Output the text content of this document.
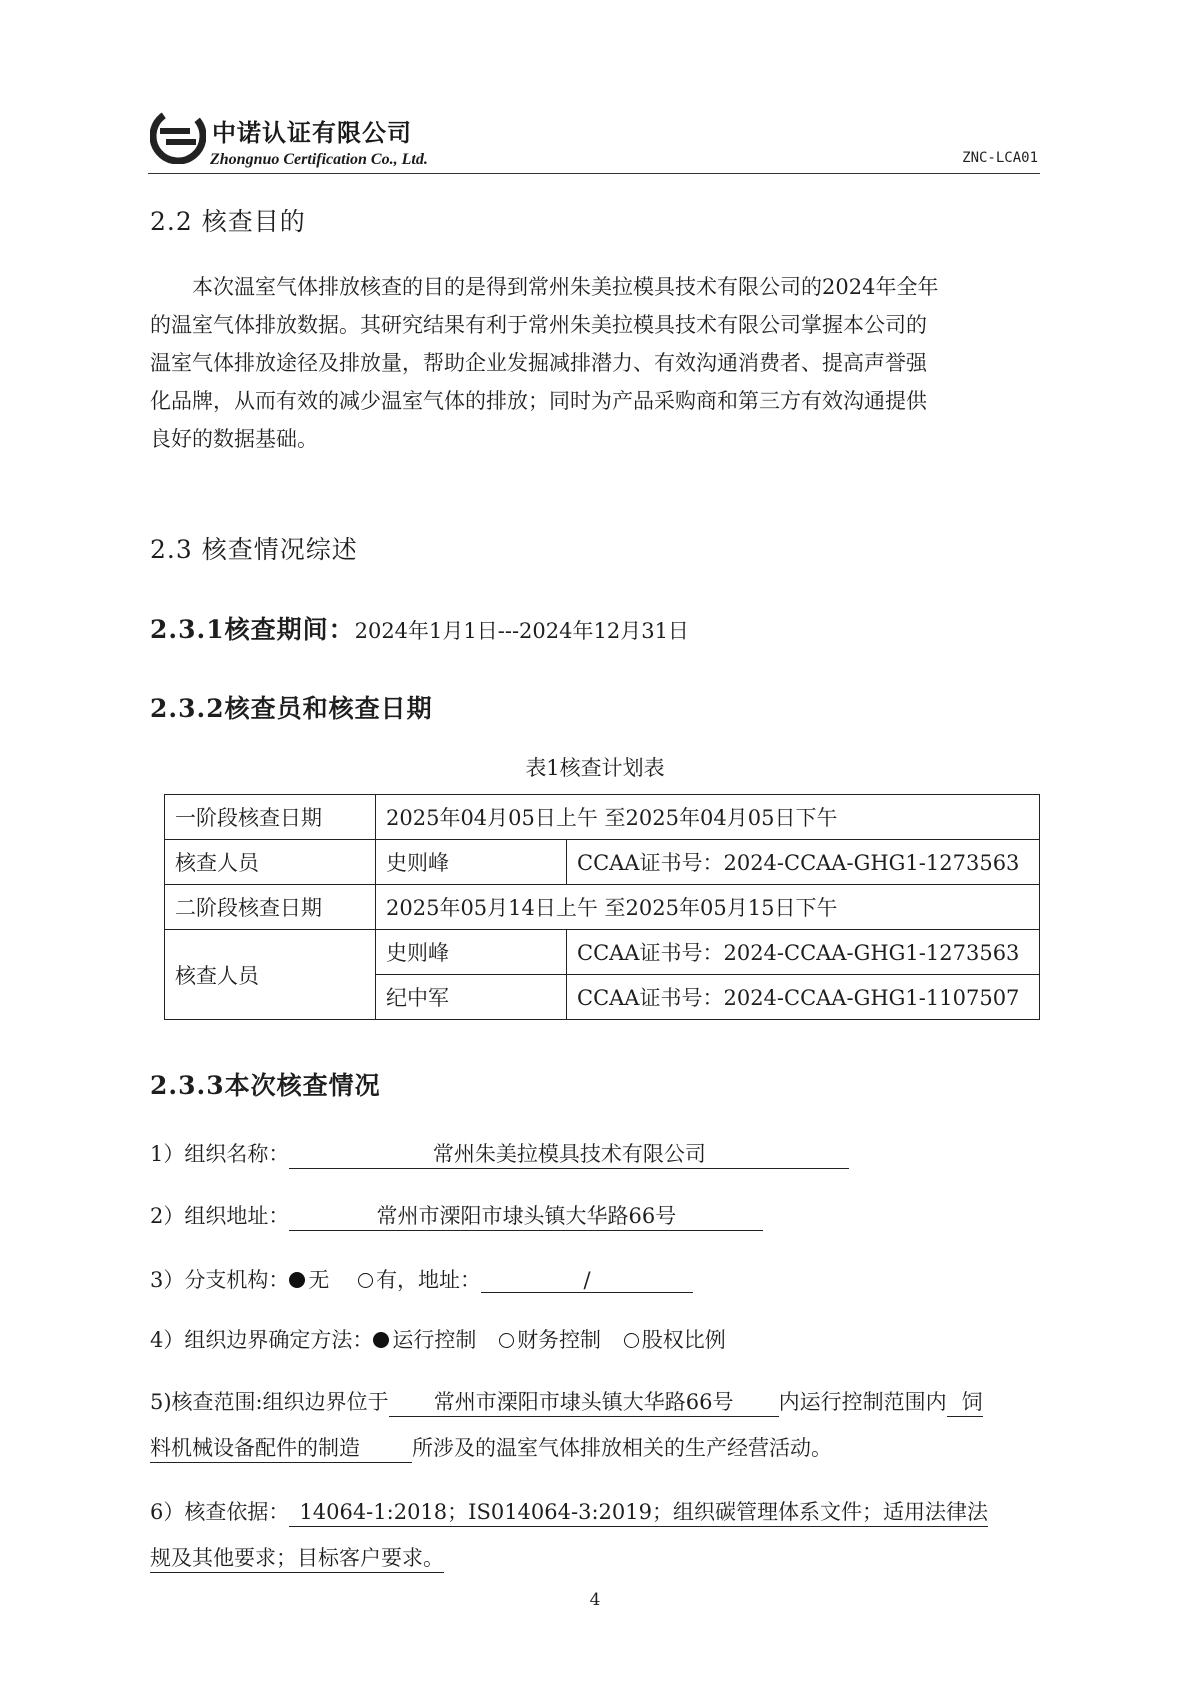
中诺认证有限公司
Zhongnuo Certification Co., Ltd.	ZNC-LCA01
2.2 核查目的
本次温室气体排放核查的目的是得到常州朱美拉模具技术有限公司的2024年全年
的温室气体排放数据。其研究结果有利于常州朱美拉模具技术有限公司掌握本公司的
温室气体排放途径及排放量，帮助企业发掘减排潜力、有效沟通消费者、提高声誉强
化品牌，从而有效的减少温室气体的排放；同时为产品采购商和第三方有效沟通提供
良好的数据基础。
2.3 核查情况综述
2.3.1核查期间：2024年1月1日---2024年12月31日
2.3.2核查员和核查日期
表1核查计划表
一阶段核查日期	2025年04月05日上午 至2025年04月05日下午	
核查人员	史则峰	CCAA证书号：2024-CCAA-GHG1-1273563
二阶段核查日期	2025年05月14日上午 至2025年05月15日下午	
核查人员	史则峰	CCAA证书号：2024-CCAA-GHG1-1273563
	纪中军	CCAA证书号：2024-CCAA-GHG1-1107507
2.3.3本次核查情况
1）组织名称：	常州朱美拉模具技术有限公司
2）组织地址：	常州市溧阳市埭头镇大华路66号
3）分支机构： 无 有，地址：	/
4）组织边界确定方法： 运行控制 财务控制 股权比例
5)核查范围:组织边界位于 常州市溧阳市埭头镇大华路66号 内运行控制范围内 饲
料机械设备配件的制造 所涉及的温室气体排放相关的生产经营活动。
6）核查依据： 14064-1:2018；IS014064-3:2019；组织碳管理体系文件；适用法律法
规及其他要求；目标客户要求。
4
